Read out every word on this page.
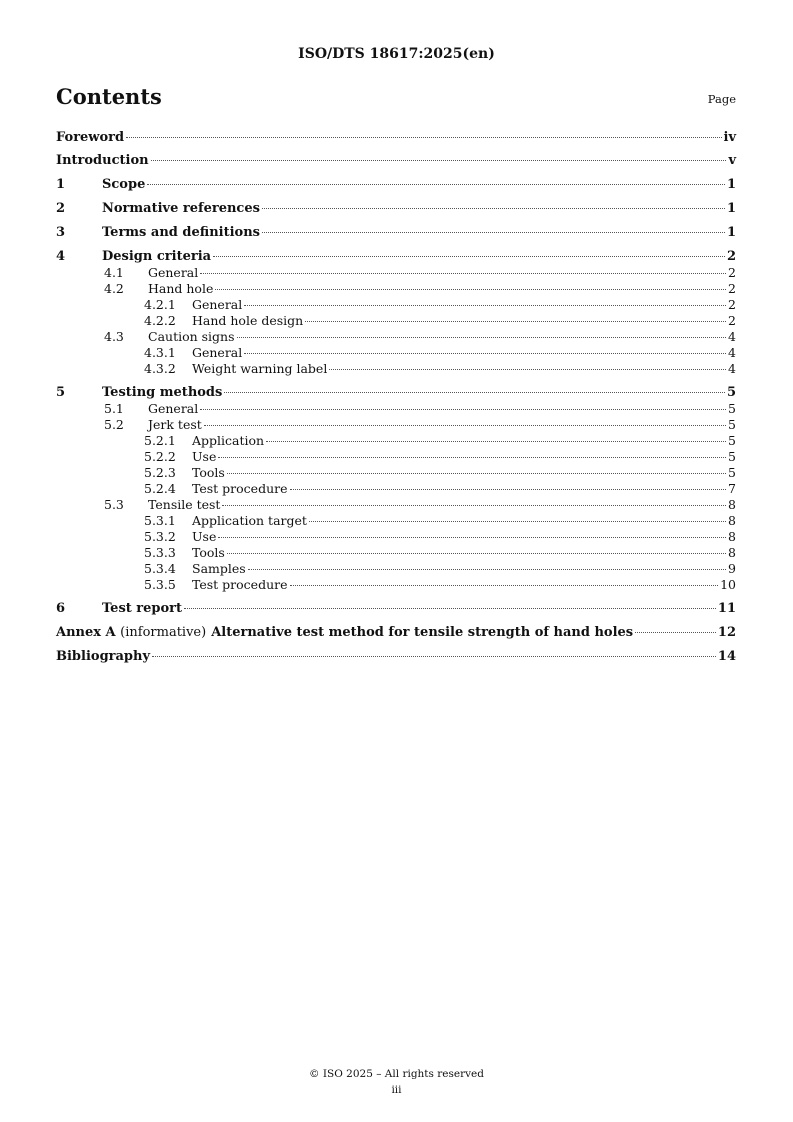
ISO/DTS 18617:2025(en)
Contents	Page
Foreword	iv
Introduction	v
1	Scope	1
2	Normative references	1
3	Terms and definitions	1
4	Design criteria	2
4.1	General	2
4.2	Hand hole	2
4.2.1	General	2
4.2.2	Hand hole design	2
4.3	Caution signs	4
4.3.1	General	4
4.3.2	Weight warning label	4
5	Testing methods	5
5.1	General	5
5.2	Jerk test	5
5.2.1	Application	5
5.2.2	Use	5
5.2.3	Tools	5
5.2.4	Test procedure	7
5.3	Tensile test	8
5.3.1	Application target	8
5.3.2	Use	8
5.3.3	Tools	8
5.3.4	Samples	9
5.3.5	Test procedure	10
6	Test report	11
Annex A (informative) Alternative test method for tensile strength of hand holes	12
Bibliography	14
© ISO 2025 – All rights reserved
iii
